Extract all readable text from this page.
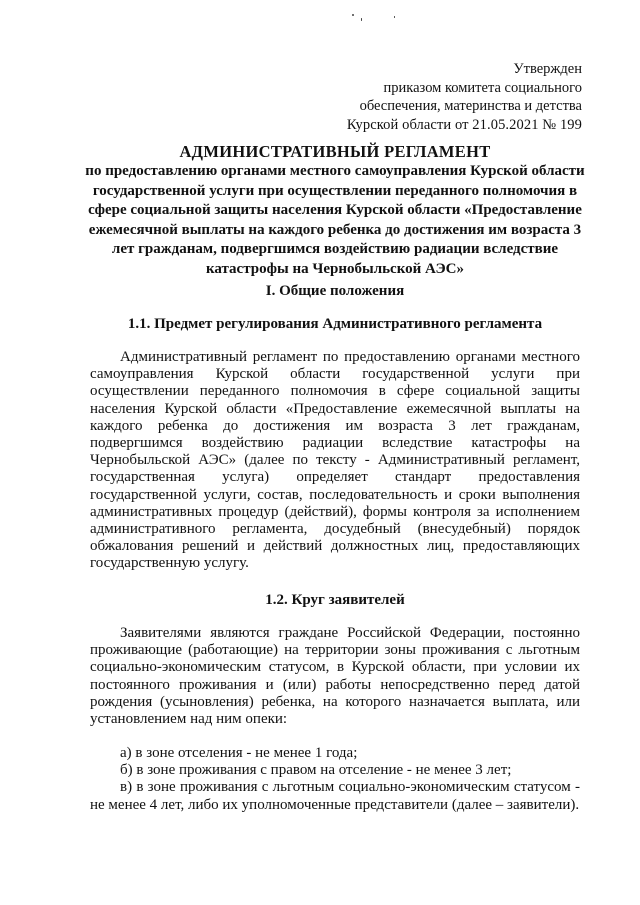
Утвержден
приказом комитета социального
обеспечения, материнства и детства
Курской области от 21.05.2021 № 199
АДМИНИСТРАТИВНЫЙ РЕГЛАМЕНТ
по предоставлению органами местного самоуправления Курской области государственной услуги при осуществлении переданного полномочия в сфере социальной защиты населения Курской области «Предоставление ежемесячной выплаты на каждого ребенка до достижения им возраста 3 лет гражданам, подвергшимся воздействию радиации вследствие катастрофы на Чернобыльской АЭС»
I. Общие положения
1.1. Предмет регулирования Административного регламента

Административный регламент по предоставлению органами местного самоуправления Курской области государственной услуги при осуществлении переданного полномочия в сфере социальной защиты населения Курской области «Предоставление ежемесячной выплаты на каждого ребенка до достижения им возраста 3 лет гражданам, подвергшимся воздействию радиации вследствие катастрофы на Чернобыльской АЭС» (далее по тексту - Административный регламент, государственная услуга) определяет стандарт предоставления государственной услуги, состав, последовательность и сроки выполнения административных процедур (действий), формы контроля за исполнением административного регламента, досудебный (внесудебный) порядок обжалования решений и действий должностных лиц, предоставляющих государственную услугу.

1.2. Круг заявителей

Заявителями являются граждане Российской Федерации, постоянно проживающие (работающие) на территории зоны проживания с льготным социально-экономическим статусом, в Курской области, при условии их постоянного проживания и (или) работы непосредственно перед датой рождения (усыновления) ребенка, на которого назначается выплата, или установлением над ним опеки:

а) в зоне отселения - не менее 1 года;
б) в зоне проживания с правом на отселение - не менее 3 лет;
в) в зоне проживания с льготным социально-экономическим статусом - не менее 4 лет, либо их уполномоченные представители (далее – заявители).
